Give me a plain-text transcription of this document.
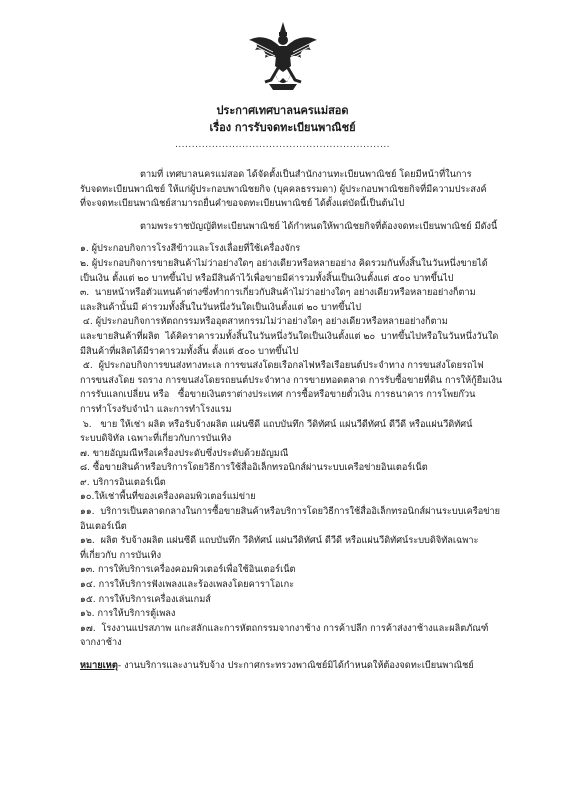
ประกาศเทศบาลนครแม่สอด
เรื่อง การรับจดทะเบียนพาณิชย์
................................................................

ตามที่ เทศบาลนครแม่สอด ได้จัดตั้งเป็นสำนักงานทะเบียนพาณิชย์ โดยมีหน้าที่ในการ

รับจดทะเบียนพาณิชย์ ให้แก่ผู้ประกอบพาณิชยกิจ (บุคคลธรรมดา) ผู้ประกอบพาณิชยกิจที่มีความประสงค์

ที่จะจดทะเบียนพาณิชย์สามารถยื่นคำขอจดทะเบียนพาณิชย์ ได้ตั้งแต่บัดนี้เป็นต้นไป

ตามพระราชบัญญัติทะเบียนพาณิชย์ ได้กำหนดให้พาณิชยกิจที่ต้องจดทะเบียนพาณิชย์ มีดังนี้

๑. ผู้ประกอบกิจการโรงสีข้าวและโรงเลื่อยที่ใช้เครื่องจักร

๒. ผู้ประกอบกิจการขายสินค้าไม่ว่าอย่างใดๆ อย่างเดียวหรือหลายอย่าง คิดรวมกันทั้งสิ้นในวันหนึ่งขายได้

เป็นเงิน ตั้งแต่ ๒๐ บาทขึ้นไป หรือมีสินค้าไว้เพื่อขายมีค่ารวมทั้งสิ้นเป็นเงินตั้งแต่ ๕๐๐ บาทขึ้นไป

๓.  นายหน้าหรือตัวแทนค้าต่างซึ่งทำการเกี่ยวกับสินค้าไม่ว่าอย่างใดๆ อย่างเดียวหรือหลายอย่างก็ตาม

และสินค้านั้นมี ค่ารวมทั้งสิ้นในวันหนึ่งวันใดเป็นเงินตั้งแต่ ๒๐ บาทขึ้นไป

๔. ผู้ประกอบกิจการหัตถกรรมหรืออุตสาหกรรมไม่ว่าอย่างใดๆ อย่างเดียวหรือหลายอย่างก็ตาม

และขายสินค้าที่ผลิต  ได้คิดราคารวมทั้งสิ้นในวันหนึ่งวันใดเป็นเงินตั้งแต่ ๒๐  บาทขึ้นไปหรือในวันหนึ่งวันใด

มีสินค้าที่ผลิตได้มีราคารวมทั้งสิ้น ตั้งแต่ ๕๐๐ บาทขึ้นไป

๕.  ผู้ประกอบกิจการขนส่งทางทะเล การขนส่งโดยเรือกลไฟหรือเรือยนต์ประจำทาง การขนส่งโดยรถไฟ

การขนส่งโดย รถราง การขนส่งโดยรถยนต์ประจำทาง การขายทอดตลาด การรับซื้อขายที่ดิน การให้กู้ยืมเงิน

การรับแลกเปลี่ยน หรือ   ซื้อขายเงินตราต่างประเทศ การซื้อหรือขายตั๋วเงิน การธนาคาร การโพยก๊วน

การทำโรงรับจำนำ และการทำโรงแรม

๖.   ขาย ให้เช่า ผลิต หรือรับจ้างผลิต แผ่นซีดี แถบบันทึก วีดิทัศน์ แผ่นวีดีทัศน์ ดีวีดี หรือแผ่นวีดิทัศน์

ระบบดิจิทัล เฉพาะที่เกี่ยวกับการบันเทิง

๗. ขายอัญมณีหรือเครื่องประดับซึ่งประดับด้วยอัญมณี

๘. ซื้อขายสินค้าหรือบริการโดยวิธีการใช้สื่ออิเล็กทรอนิกส์ผ่านระบบเครือข่ายอินเตอร์เน็ต

๙. บริการอินเตอร์เน็ต

๑๐.ให้เช่าพื้นที่ของเครื่องคอมพิวเตอร์แม่ข่าย

๑๑.  บริการเป็นตลาดกลางในการซื้อขายสินค้าหรือบริการโดยวิธีการใช้สื่ออิเล็กทรอนิกส์ผ่านระบบเครือข่าย

อินเตอร์เน็ต

๑๒.  ผลิต รับจ้างผลิต แผ่นซีดี แถบบันทึก วีดิทัศน์ แผ่นวีดิทัศน์ ดีวีดี หรือแผ่นวีดิทัศน์ระบบดิจิทัลเฉพาะ

ที่เกี่ยวกับ การบันเทิง

๑๓. การให้บริการเครื่องคอมพิวเตอร์เพื่อใช้อินเตอร์เน็ต

๑๔. การให้บริการฟังเพลงและร้องเพลงโดยคาราโอเกะ

๑๕. การให้บริการเครื่องเล่นเกมส์

๑๖. การให้บริการตู้เพลง

๑๗.  โรงงานแปรสภาพ แกะสลักและการหัตถกรรมจากงาช้าง การค้าปลีก การค้าส่งงาช้างและผลิตภัณฑ์

จากงาช้าง

หมายเหตุ- งานบริการและงานรับจ้าง ประกาศกระทรวงพาณิชย์มิได้กำหนดให้ต้องจดทะเบียนพาณิชย์
